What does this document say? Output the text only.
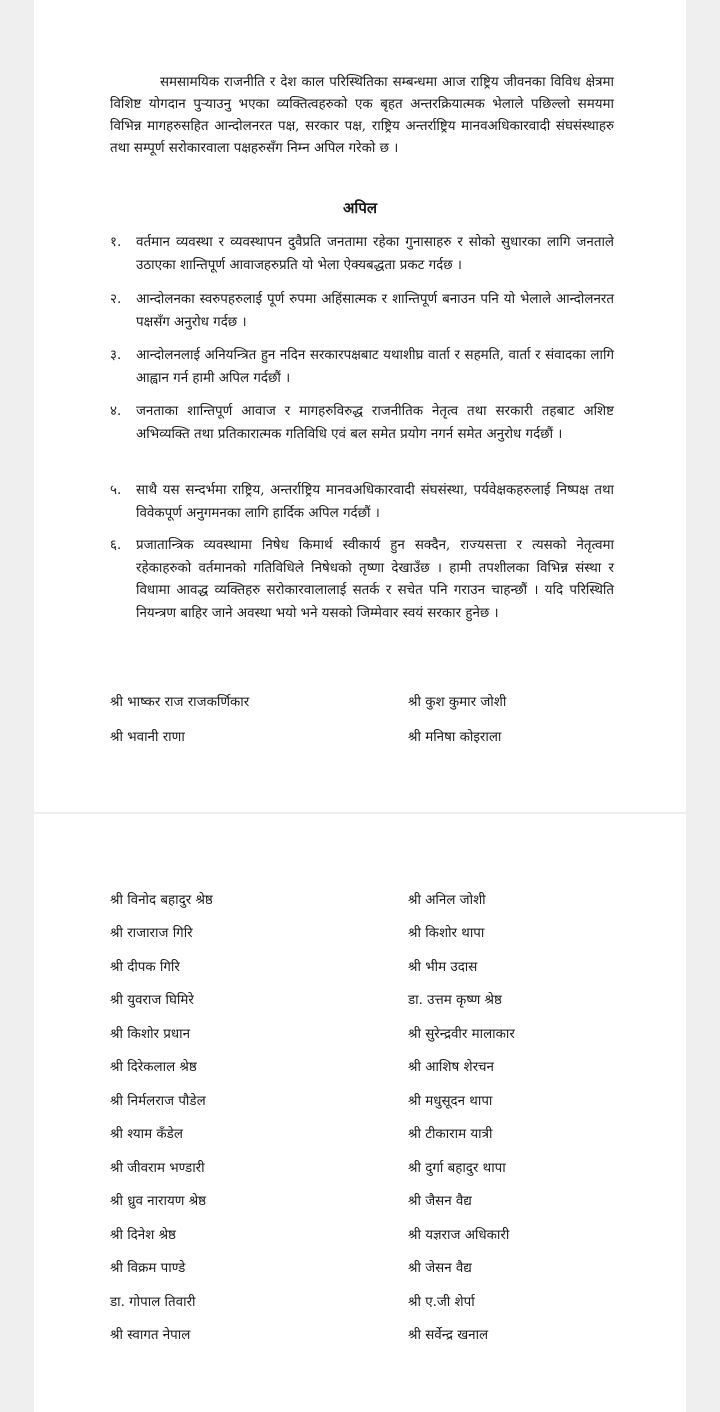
समसामयिक राजनीति र देश काल परिस्थितिका सम्बन्धमा आज राष्ट्रिय जीवनका विविध क्षेत्रमा विशिष्ट योगदान पुऱ्याउनु भएका व्यक्तित्वहरुको एक बृहत अन्तरक्रियात्मक भेलाले पछिल्लो समयमा विभिन्न मागहरुसहित आन्दोलनरत पक्ष, सरकार पक्ष, राष्ट्रिय अन्तर्राष्ट्रिय मानवअधिकारवादी संघसंस्थाहरु तथा सम्पूर्ण सरोकारवाला पक्षहरुसँग निम्न अपिल गरेको छ ।

अपिल
१.	वर्तमान व्यवस्था र व्यवस्थापन दुवैप्रति जनतामा रहेका गुनासाहरु र सोको सुधारका लागि जनताले उठाएका शान्तिपूर्ण आवाजहरुप्रति यो भेला ऐक्यबद्धता प्रकट गर्दछ ।
२.	आन्दोलनका स्वरुपहरुलाई पूर्ण रुपमा अहिंसात्मक र शान्तिपूर्ण बनाउन पनि यो भेलाले आन्दोलनरत पक्षसँग अनुरोध गर्दछ ।
३.	आन्दोलनलाई अनियन्त्रित हुन नदिन सरकारपक्षबाट यथाशीघ्र वार्ता र सहमति, वार्ता र संवादका लागि आह्वान गर्न हामी अपिल गर्दछौं ।
४.	जनताका शान्तिपूर्ण आवाज र मागहरुविरुद्ध राजनीतिक नेतृत्व तथा सरकारी तहबाट अशिष्ट अभिव्यक्ति तथा प्रतिकारात्मक गतिविधि एवं बल समेत प्रयोग नगर्न समेत अनुरोध गर्दछौं ।
५.	साथै यस सन्दर्भमा राष्ट्रिय, अन्तर्राष्ट्रिय मानवअधिकारवादी संघसंस्था, पर्यवेक्षकहरुलाई निष्पक्ष तथा विवेकपूर्ण अनुगमनका लागि हार्दिक अपिल गर्दछौं ।
६.	प्रजातान्त्रिक व्यवस्थामा निषेध किमार्थ स्वीकार्य हुन सक्दैन, राज्यसत्ता र त्यसको नेतृत्वमा रहेकाहरुको वर्तमानको गतिविधिले निषेधको तृष्णा देखाउँछ । हामी तपशीलका विभिन्न संस्था र विधामा आवद्ध व्यक्तिहरु सरोकारवालालाई सतर्क र सचेत पनि गराउन चाहन्छौं । यदि परिस्थिति नियन्त्रण बाहिर जाने अवस्था भयो भने यसको जिम्मेवार स्वयं सरकार हुनेछ ।
श्री भाष्कर राज राजकर्णिकार	श्री कुश कुमार जोशी
श्री भवानी राणा	श्री मनिषा कोइराला
श्री विनोद बहादुर श्रेष्ठ	श्री अनिल जोशी
श्री राजाराज गिरि	श्री किशोर थापा
श्री दीपक गिरि	श्री भीम उदास
श्री युवराज घिमिरे	डा. उत्तम कृष्ण श्रेष्ठ
श्री किशोर प्रधान	श्री सुरेन्द्रवीर मालाकार
श्री दिरेकलाल श्रेष्ठ	श्री आशिष शेरचन
श्री निर्मलराज पौडेल	श्री मधुसूदन थापा
श्री श्याम कँडेल	श्री टीकाराम यात्री
श्री जीवराम भण्डारी	श्री दुर्गा बहादुर थापा
श्री ध्रुव नारायण श्रेष्ठ	श्री जैसन वैद्य
श्री दिनेश श्रेष्ठ	श्री यज्ञराज अधिकारी
श्री विक्रम पाण्डे	श्री जेसन वैद्य
डा. गोपाल तिवारी	श्री ए.जी शेर्पा
श्री स्वागत नेपाल	श्री सर्वेन्द्र खनाल
